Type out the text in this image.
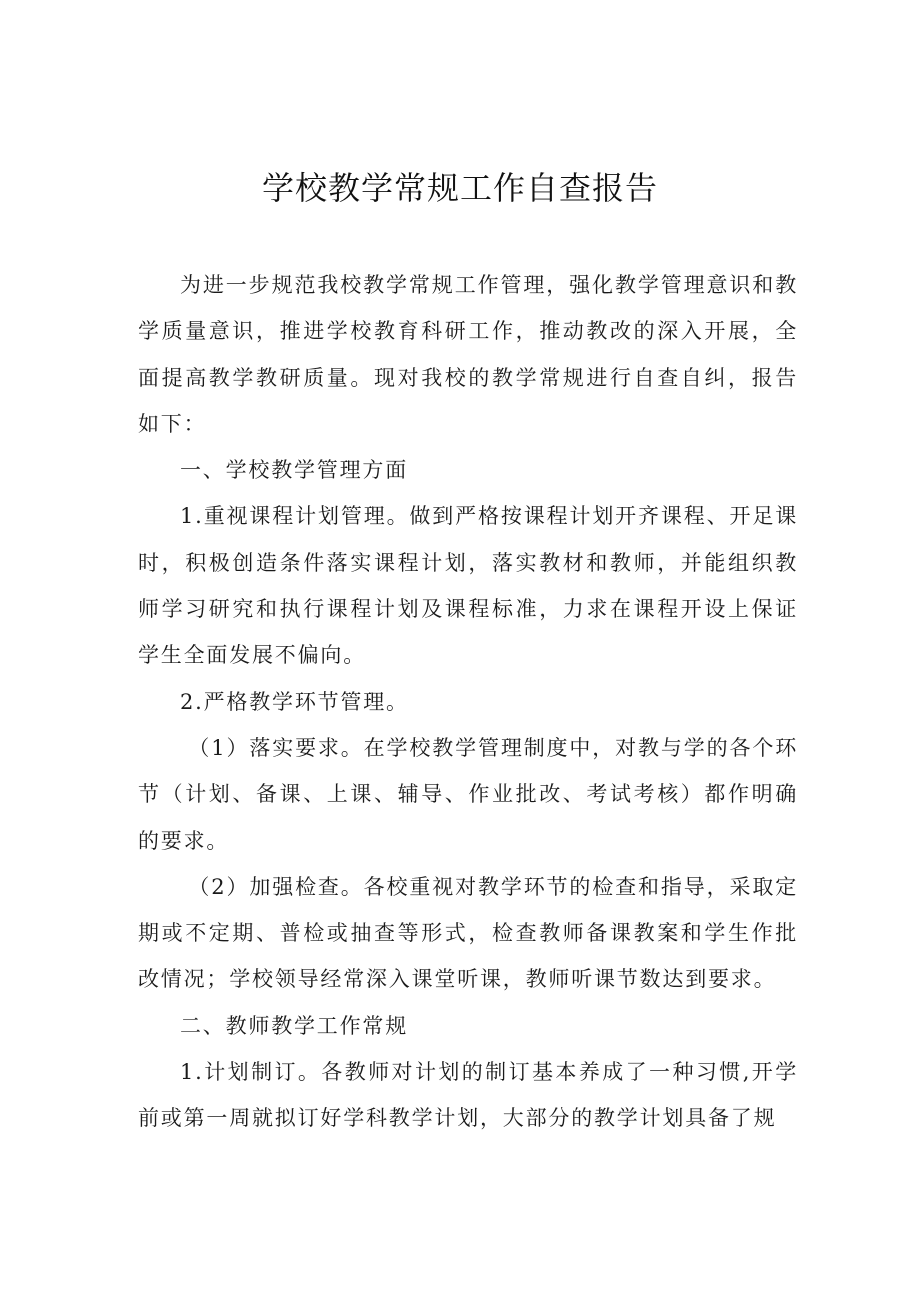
学校教学常规工作自查报告

为进一步规范我校教学常规工作管理，强化教学管理意识和教学质量意识，推进学校教育科研工作，推动教改的深入开展，全面提高教学教研质量。现对我校的教学常规进行自查自纠，报告如下：

一、学校教学管理方面

1.重视课程计划管理。做到严格按课程计划开齐课程、开足课时，积极创造条件落实课程计划，落实教材和教师，并能组织教师学习研究和执行课程计划及课程标准，力求在课程开设上保证学生全面发展不偏向。

2.严格教学环节管理。

（1）落实要求。在学校教学管理制度中，对教与学的各个环节（计划、备课、上课、辅导、作业批改、考试考核）都作明确的要求。

（2）加强检查。各校重视对教学环节的检查和指导，采取定期或不定期、普检或抽查等形式，检查教师备课教案和学生作批改情况；学校领导经常深入课堂听课，教师听课节数达到要求。

二、教师教学工作常规

1.计划制订。各教师对计划的制订基本养成了一种习惯,开学前或第一周就拟订好学科教学计划，大部分的教学计划具备了规
